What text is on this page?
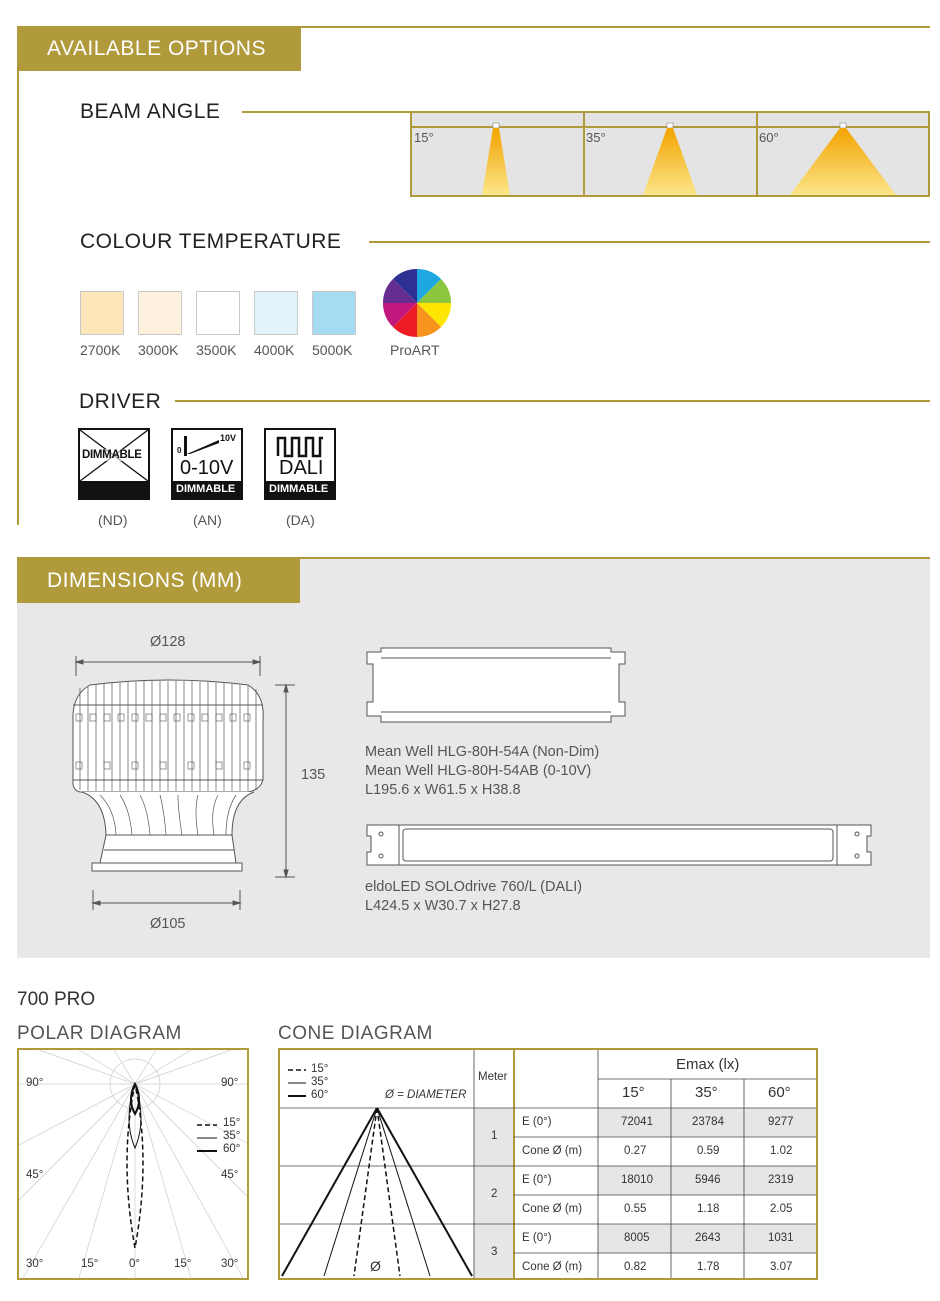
AVAILABLE OPTIONS
BEAM ANGLE
15°	35°	60°
COLOUR TEMPERATURE
2700K 3000K 3500K 4000K 5000K	ProART
DRIVER
DIMMABLE
(ND)
0
10V
0-10V
DIMMABLE
(AN)
DALI
DIMMABLE
(DA)
DIMENSIONS (MM)
Ø128
135
Ø105
Mean Well HLG-80H-54A (Non-Dim)
Mean Well HLG-80H-54AB (0-10V)
L195.6 x W61.5 x H38.8
eldoLED SOLOdrive 760/L (DALI)
L424.5 x W30.7 x H27.8
700 PRO
POLAR DIAGRAM	CONE DIAGRAM
90°	90°
45°	45°
30°	15°	0°	15°	30°
15°
35°
60°
15°
35°
60°	Ø = DIAMETER
Ø
Meter
Emax (lx)
15°	35°	60°
1
E (0°)	72041	23784	9277
Cone Ø (m)	0.27	0.59	1.02
2
E (0°)	18010	5946	2319
Cone Ø (m)	0.55	1.18	2.05
3
E (0°)	8005	2643	1031
Cone Ø (m)	0.82	1.78	3.07
